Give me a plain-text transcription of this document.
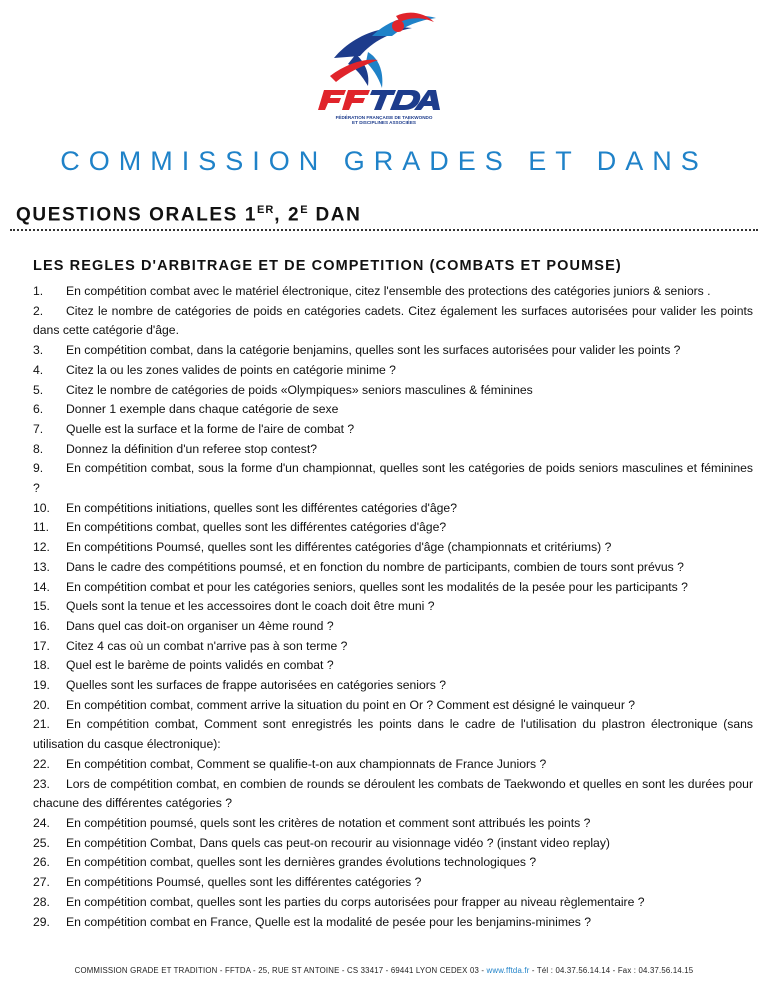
FÉDÉRATION FRANÇAISE DE TAEKWONDO
ET DISCIPLINES ASSOCIÉES
COMMISSION GRADES ET DANS
QUESTIONS ORALES 1ER, $2^E$ DAN
LES REGLES D'ARBITRAGE ET DE COMPETITION (COMBATS ET POUMSE)

1. En compétition combat avec le matériel électronique, citez l'ensemble des protections des catégories juniors & seniors .

2. Citez le nombre de catégories de poids en catégories cadets. Citez également les surfaces autorisées pour valider les points dans cette catégorie d'âge.

3. En compétition combat, dans la catégorie benjamins, quelles sont les surfaces autorisées pour valider les points ?

4. Citez la ou les zones valides de points en catégorie minime ?

5. Citez le nombre de catégories de poids «Olympiques» seniors masculines & féminines

6. Donner 1 exemple dans chaque catégorie de sexe

7. Quelle est la surface et la forme de l'aire de combat ?

8. Donnez la définition d'un referee stop contest?

9. En compétition combat, sous la forme d'un championnat, quelles sont les catégories de poids seniors masculines et féminines ?

10. En compétitions initiations, quelles sont les différentes catégories d'âge?

11. En compétitions combat, quelles sont les différentes catégories d'âge?

12. En compétitions Poumsé, quelles sont les différentes catégories d'âge (championnats et critériums) ?

13. Dans le cadre des compétitions poumsé, et en fonction du nombre de participants, combien de tours sont prévus ?

14. En compétition combat et pour les catégories seniors, quelles sont les modalités de la pesée pour les participants ?

15. Quels sont la tenue et les accessoires dont le coach doit être muni ?

16. Dans quel cas doit-on organiser un 4ème round ?

17. Citez 4 cas où un combat n'arrive pas à son terme ?

18. Quel est le barème de points validés en combat ?

19. Quelles sont les surfaces de frappe autorisées en catégories seniors ?

20. En compétition combat, comment arrive la situation du point en Or ? Comment est désigné le vainqueur ?

21. En compétition combat, Comment sont enregistrés les points dans le cadre de l'utilisation du plastron électronique (sans utilisation du casque électronique):

22. En compétition combat, Comment se qualifie-t-on aux championnats de France Juniors ?

23. Lors de compétition combat, en combien de rounds se déroulent les combats de Taekwondo et quelles en sont les durées pour chacune des différentes catégories ?

24. En compétition poumsé, quels sont les critères de notation et comment sont attribués les points ?

25. En compétition Combat, Dans quels cas peut-on recourir au visionnage vidéo ? (instant video replay)

26. En compétition combat, quelles sont les dernières grandes évolutions technologiques ?

27. En compétitions Poumsé, quelles sont les différentes catégories ?

28. En compétition combat, quelles sont les parties du corps autorisées pour frapper au niveau règlementaire ?

29. En compétition combat en France, Quelle est la modalité de pesée pour les benjamins-minimes ?

COMMISSION GRADE ET TRADITION - FFTDA - 25, RUE ST ANTOINE - CS 33417 - 69441 LYON CEDEX 03 - www.fftda.fr - Tél : 04.37.56.14.14 - Fax : 04.37.56.14.15
